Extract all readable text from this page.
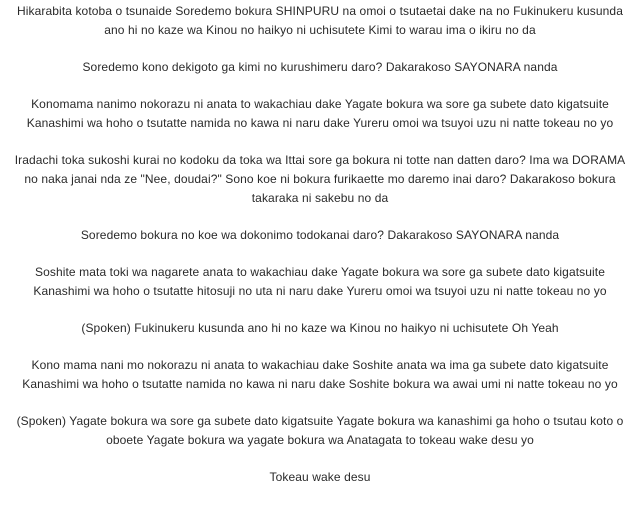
Hikarabita kotoba o tsunaide Soredemo bokura SHINPURU na omoi o tsutaetai dake na no Fukinukeru kusunda
ano hi no kaze wa Kinou no haikyo ni uchisutete Kimi to warau ima o ikiru no da

Soredemo kono dekigoto ga kimi no kurushimeru daro? Dakarakoso SAYONARA nanda

Konomama nanimo nokorazu ni anata to wakachiau dake Yagate bokura wa sore ga subete dato kigatsuite
Kanashimi wa hoho o tsutatte namida no kawa ni naru dake Yureru omoi wa tsuyoi uzu ni natte tokeau no yo

Iradachi toka sukoshi kurai no kodoku da toka wa Ittai sore ga bokura ni totte nan datten daro? Ima wa DORAMA
no naka janai nda ze "Nee, doudai?" Sono koe ni bokura furikaette mo daremo inai daro? Dakarakoso bokura
takaraka ni sakebu no da

Soredemo bokura no koe wa dokonimo todokanai daro? Dakarakoso SAYONARA nanda

Soshite mata toki wa nagarete anata to wakachiau dake Yagate bokura wa sore ga subete dato kigatsuite
Kanashimi wa hoho o tsutatte hitosuji no uta ni naru dake Yureru omoi wa tsuyoi uzu ni natte tokeau no yo

(Spoken) Fukinukeru kusunda ano hi no kaze wa Kinou no haikyo ni uchisutete Oh Yeah

Kono mama nani mo nokorazu ni anata to wakachiau dake Soshite anata wa ima ga subete dato kigatsuite
Kanashimi wa hoho o tsutatte namida no kawa ni naru dake Soshite bokura wa awai umi ni natte tokeau no yo

(Spoken) Yagate bokura wa sore ga subete dato kigatsuite Yagate bokura wa kanashimi ga hoho o tsutau koto o
oboete Yagate bokura wa yagate bokura wa Anatagata to tokeau wake desu yo

Tokeau wake desu
